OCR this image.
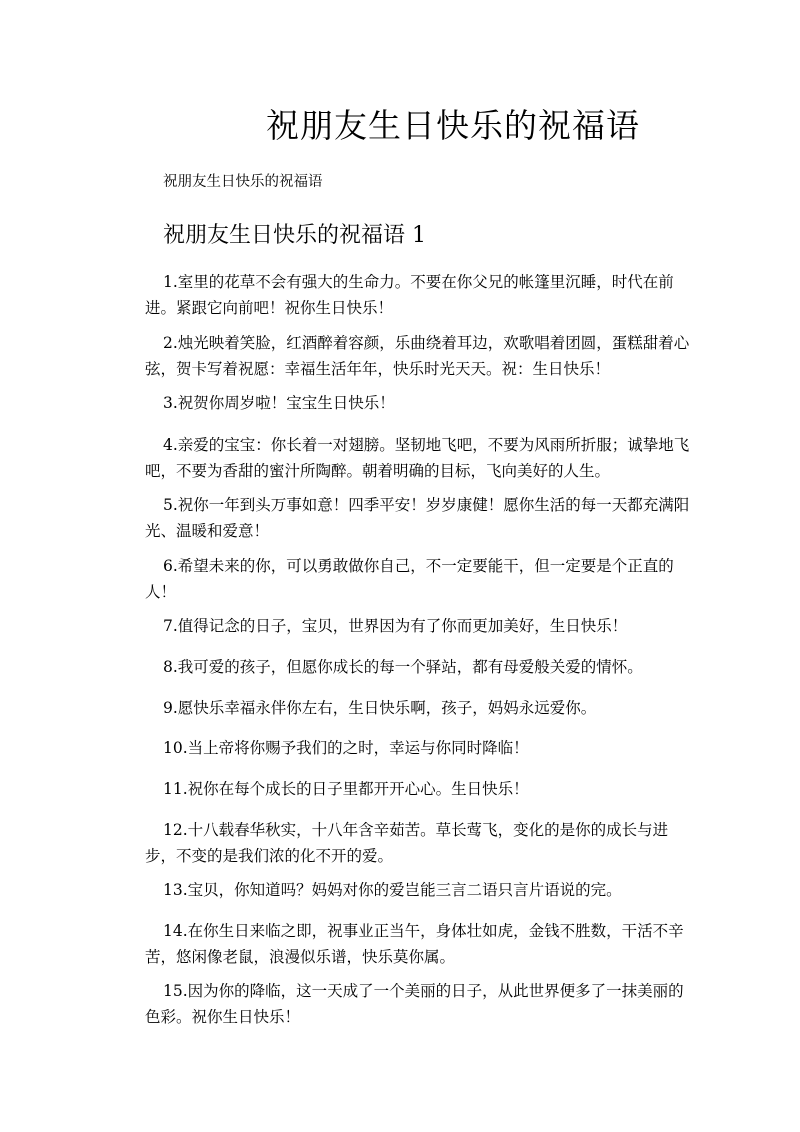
祝朋友生日快乐的祝福语
祝朋友生日快乐的祝福语
祝朋友生日快乐的祝福语 1
1.室里的花草不会有强大的生命力。不要在你父兄的帐篷里沉睡，时代在前
进。紧跟它向前吧！祝你生日快乐！
2.烛光映着笑脸，红酒醉着容颜，乐曲绕着耳边，欢歌唱着团圆，蛋糕甜着心
弦，贺卡写着祝愿：幸福生活年年，快乐时光天天。祝：生日快乐！
3.祝贺你周岁啦！宝宝生日快乐！
4.亲爱的宝宝：你长着一对翅膀。坚韧地飞吧，不要为风雨所折服；诚挚地飞
吧，不要为香甜的蜜汁所陶醉。朝着明确的目标，飞向美好的人生。
5.祝你一年到头万事如意！四季平安！岁岁康健！愿你生活的每一天都充满阳
光、温暖和爱意！
6.希望未来的你，可以勇敢做你自己，不一定要能干，但一定要是个正直的
人！
7.值得记念的日子，宝贝，世界因为有了你而更加美好，生日快乐！
8.我可爱的孩子，但愿你成长的每一个驿站，都有母爱般关爱的情怀。
9.愿快乐幸福永伴你左右，生日快乐啊，孩子，妈妈永远爱你。
10.当上帝将你赐予我们的之时，幸运与你同时降临！
11.祝你在每个成长的日子里都开开心心。生日快乐！
12.十八载春华秋实，十八年含辛茹苦。草长莺飞，变化的是你的成长与进
步，不变的是我们浓的化不开的爱。
13.宝贝，你知道吗？妈妈对你的爱岂能三言二语只言片语说的完。
14.在你生日来临之即，祝事业正当午，身体壮如虎，金钱不胜数，干活不辛
苦，悠闲像老鼠，浪漫似乐谱，快乐莫你属。
15.因为你的降临，这一天成了一个美丽的日子，从此世界便多了一抹美丽的
色彩。祝你生日快乐！
